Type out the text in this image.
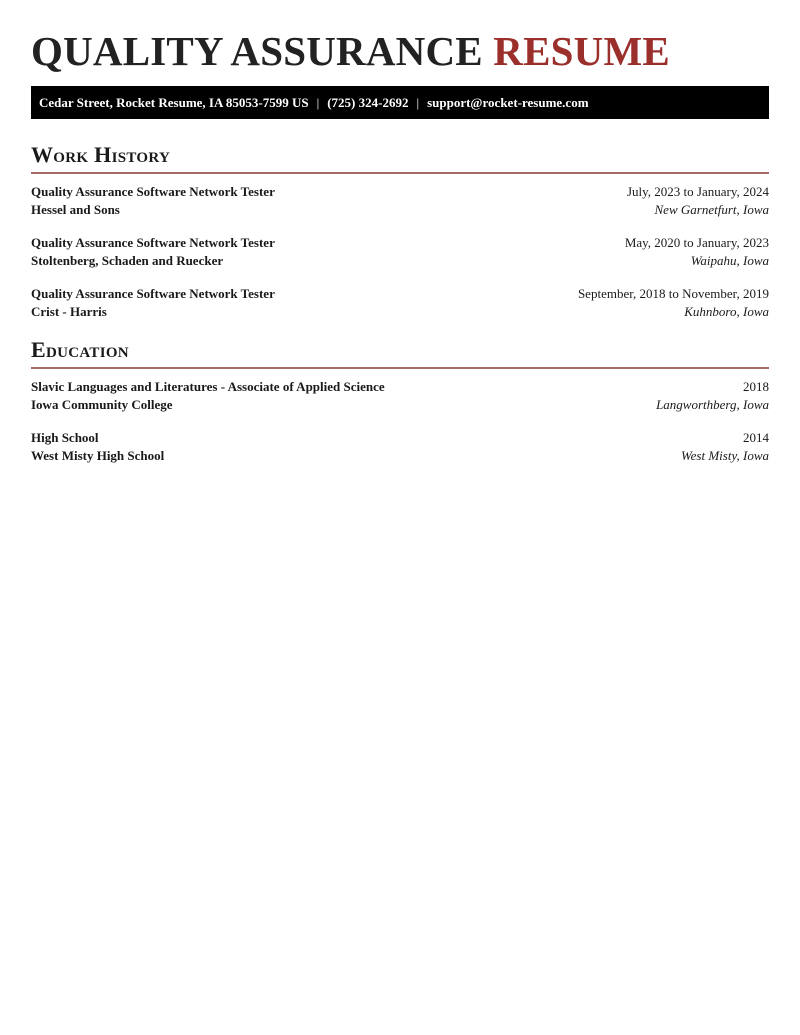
QUALITY ASSURANCE RESUME
Cedar Street, Rocket Resume, IA 85053-7599 US | (725) 324-2692 | support@rocket-resume.com
Work History
Quality Assurance Software Network Tester	July, 2023 to January, 2024
Hessel and Sons	New Garnetfurt, Iowa
Quality Assurance Software Network Tester	May, 2020 to January, 2023
Stoltenberg, Schaden and Ruecker	Waipahu, Iowa
Quality Assurance Software Network Tester	September, 2018 to November, 2019
Crist - Harris	Kuhnboro, Iowa
Education
Slavic Languages and Literatures - Associate of Applied Science	2018
Iowa Community College	Langworthberg, Iowa
High School	2014
West Misty High School	West Misty, Iowa
